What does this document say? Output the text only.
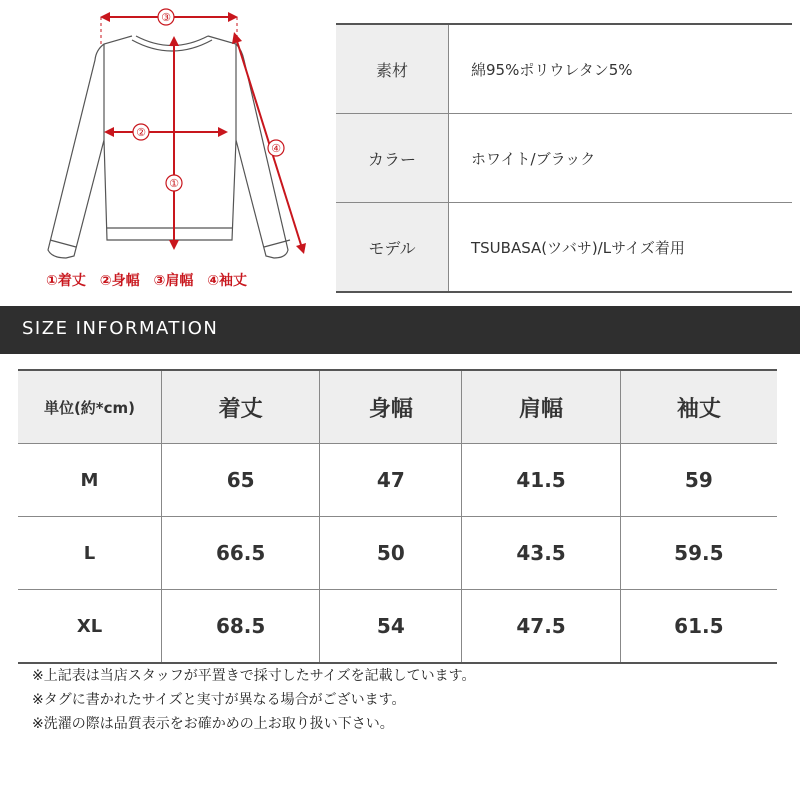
③
②
①
④
①着丈 ②身幅 ③肩幅 ④袖丈
素材	綿95%ポリウレタン5%
カラー	ホワイト/ブラック
モデル	TSUBASA(ツバサ)/Lサイズ着用
SIZE INFORMATION
単位(約*cm)	着丈	身幅	肩幅	袖丈
M	65	47	41.5	59
L	66.5	50	43.5	59.5
XL	68.5	54	47.5	61.5
※上記表は当店スタッフが平置きで採寸したサイズを記載しています。
※タグに書かれたサイズと実寸が異なる場合がございます。
※洗濯の際は品質表示をお確かめの上お取り扱い下さい。
